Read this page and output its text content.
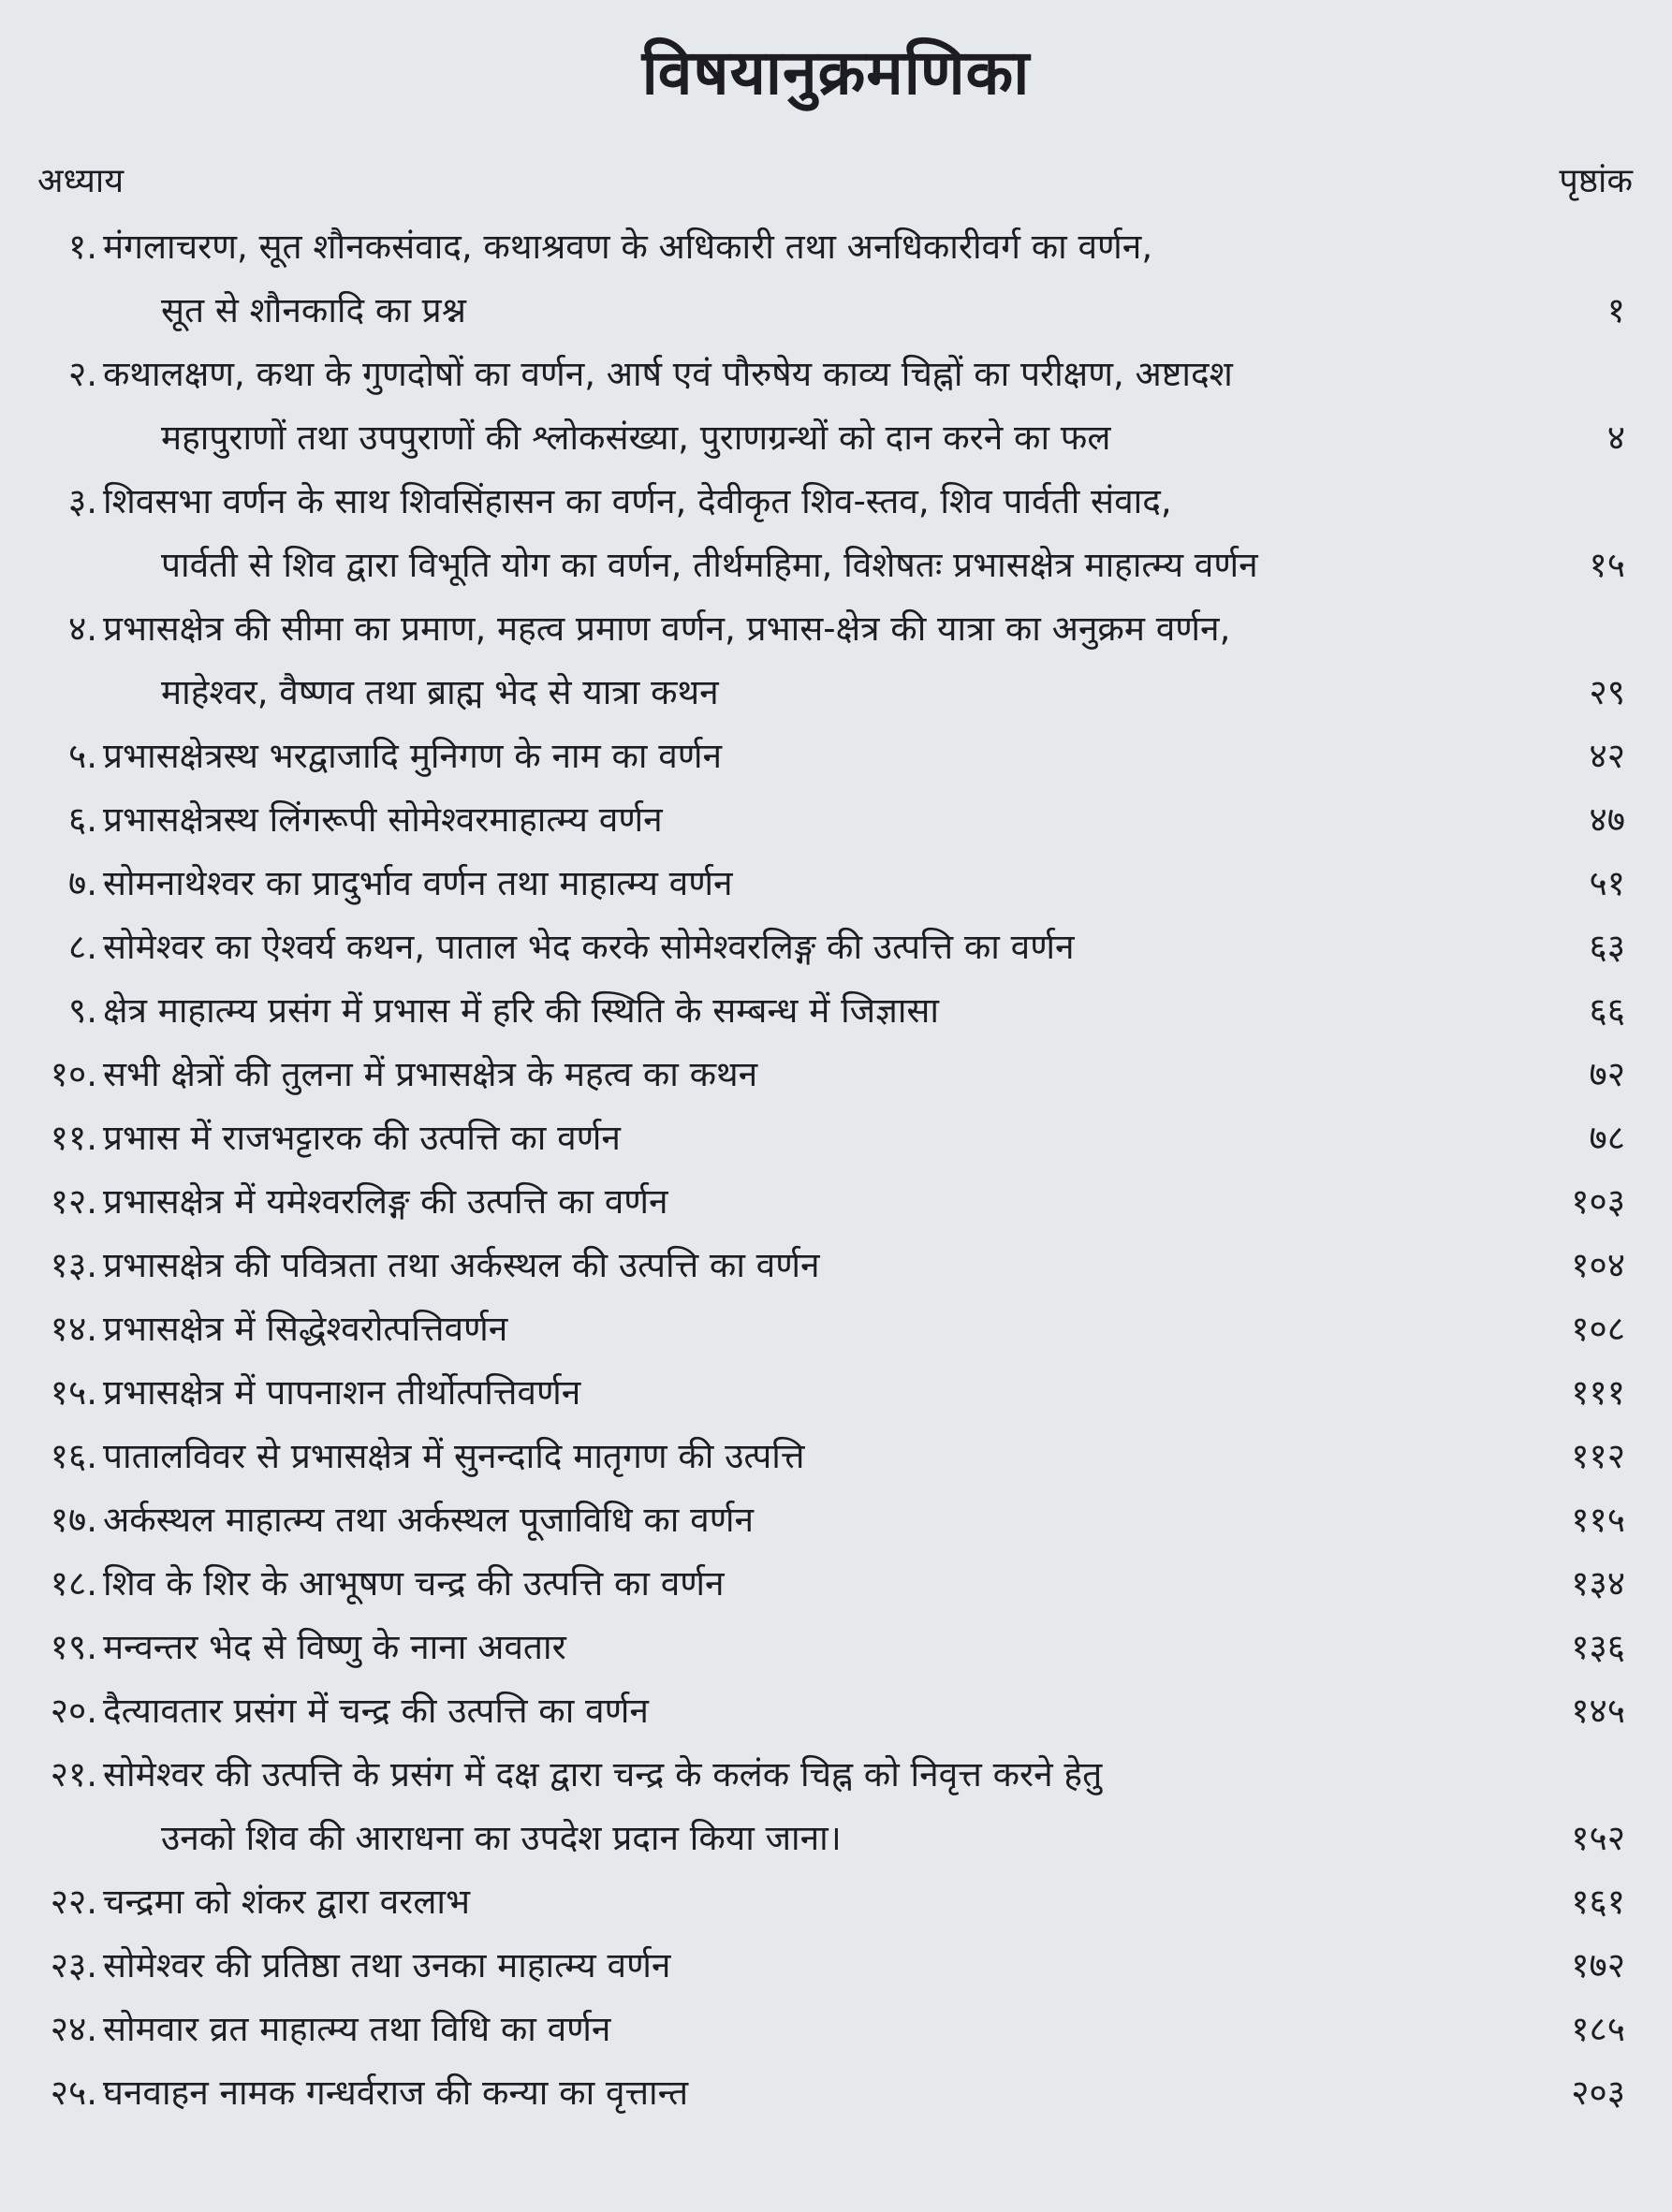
विषयानुक्रमणिका
अध्याय	पृष्ठांक
१. मंगलाचरण, सूत शौनकसंवाद, कथाश्रवण के अधिकारी तथा अनधिकारीवर्ग का वर्णन,
सूत से शौनकादि का प्रश्न	१
२. कथालक्षण, कथा के गुणदोषों का वर्णन, आर्ष एवं पौरुषेय काव्य चिह्नों का परीक्षण, अष्टादश
महापुराणों तथा उपपुराणों की श्लोकसंख्या, पुराणग्रन्थों को दान करने का फल	४
३. शिवसभा वर्णन के साथ शिवसिंहासन का वर्णन, देवीकृत शिव-स्तव, शिव पार्वती संवाद,
पार्वती से शिव द्वारा विभूति योग का वर्णन, तीर्थमहिमा, विशेषतः प्रभासक्षेत्र माहात्म्य वर्णन	१५
४. प्रभासक्षेत्र की सीमा का प्रमाण, महत्व प्रमाण वर्णन, प्रभास-क्षेत्र की यात्रा का अनुक्रम वर्णन,
माहेश्वर, वैष्णव तथा ब्राह्म भेद से यात्रा कथन	२९
५. प्रभासक्षेत्रस्थ भरद्वाजादि मुनिगण के नाम का वर्णन	४२
६. प्रभासक्षेत्रस्थ लिंगरूपी सोमेश्वरमाहात्म्य वर्णन	४७
७. सोमनाथेश्वर का प्रादुर्भाव वर्णन तथा माहात्म्य वर्णन	५१
८. सोमेश्वर का ऐश्वर्य कथन, पाताल भेद करके सोमेश्वरलिङ्ग की उत्पत्ति का वर्णन	६३
९. क्षेत्र माहात्म्य प्रसंग में प्रभास में हरि की स्थिति के सम्बन्ध में जिज्ञासा	६६
१०. सभी क्षेत्रों की तुलना में प्रभासक्षेत्र के महत्व का कथन	७२
११. प्रभास में राजभट्टारक की उत्पत्ति का वर्णन	७८
१२. प्रभासक्षेत्र में यमेश्वरलिङ्ग की उत्पत्ति का वर्णन	१०३
१३. प्रभासक्षेत्र की पवित्रता तथा अर्कस्थल की उत्पत्ति का वर्णन	१०४
१४. प्रभासक्षेत्र में सिद्धेश्वरोत्पत्तिवर्णन	१०८
१५. प्रभासक्षेत्र में पापनाशन तीर्थोत्पत्तिवर्णन	१११
१६. पातालविवर से प्रभासक्षेत्र में सुनन्दादि मातृगण की उत्पत्ति	११२
१७. अर्कस्थल माहात्म्य तथा अर्कस्थल पूजाविधि का वर्णन	११५
१८. शिव के शिर के आभूषण चन्द्र की उत्पत्ति का वर्णन	१३४
१९. मन्वन्तर भेद से विष्णु के नाना अवतार	१३६
२०. दैत्यावतार प्रसंग में चन्द्र की उत्पत्ति का वर्णन	१४५
२१. सोमेश्वर की उत्पत्ति के प्रसंग में दक्ष द्वारा चन्द्र के कलंक चिह्न को निवृत्त करने हेतु
उनको शिव की आराधना का उपदेश प्रदान किया जाना।	१५२
२२. चन्द्रमा को शंकर द्वारा वरलाभ	१६१
२३. सोमेश्वर की प्रतिष्ठा तथा उनका माहात्म्य वर्णन	१७२
२४. सोमवार व्रत माहात्म्य तथा विधि का वर्णन	१८५
२५. घनवाहन नामक गन्धर्वराज की कन्या का वृत्तान्त	२०३
